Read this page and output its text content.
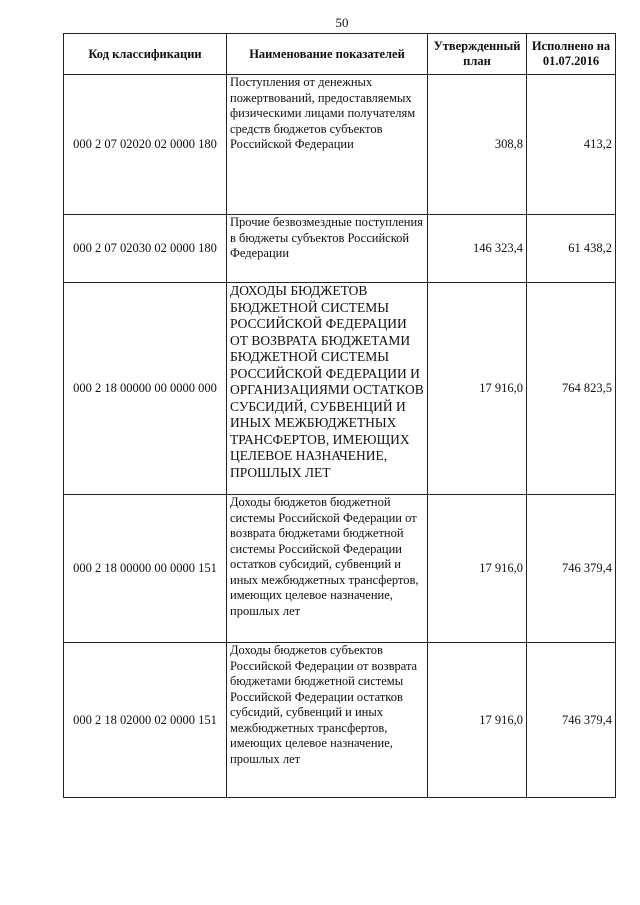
50
Код классификации	Наименование показателей	Утвержденный план	Исполнено на 01.07.2016
000 2 07 02020 02 0000 180	Поступления от денежных пожертвований, предоставляемых физическими лицами получателям средств бюджетов субъектов Российской Федерации	308,8	413,2
000 2 07 02030 02 0000 180	Прочие безвозмездные поступления в бюджеты субъектов Российской Федерации	146 323,4	61 438,2
000 2 18 00000 00 0000 000	ДОХОДЫ БЮДЖЕТОВ БЮДЖЕТНОЙ СИСТЕМЫ РОССИЙСКОЙ ФЕДЕРАЦИИ ОТ ВОЗВРАТА БЮДЖЕТАМИ БЮДЖЕТНОЙ СИСТЕМЫ РОССИЙСКОЙ ФЕДЕРАЦИИ И ОРГАНИЗАЦИЯМИ ОСТАТКОВ СУБСИДИЙ, СУБВЕНЦИЙ И ИНЫХ МЕЖБЮДЖЕТНЫХ ТРАНСФЕРТОВ, ИМЕЮЩИХ ЦЕЛЕВОЕ НАЗНАЧЕНИЕ, ПРОШЛЫХ ЛЕТ	17 916,0	764 823,5
000 2 18 00000 00 0000 151	Доходы бюджетов бюджетной системы Российской Федерации от возврата бюджетами бюджетной системы Российской Федерации остатков субсидий, субвенций и иных межбюджетных трансфертов, имеющих целевое назначение, прошлых лет	17 916,0	746 379,4
000 2 18 02000 02 0000 151	Доходы бюджетов субъектов Российской Федерации от возврата бюджетами бюджетной системы Российской Федерации остатков субсидий, субвенций и иных межбюджетных трансфертов, имеющих целевое назначение, прошлых лет	17 916,0	746 379,4
